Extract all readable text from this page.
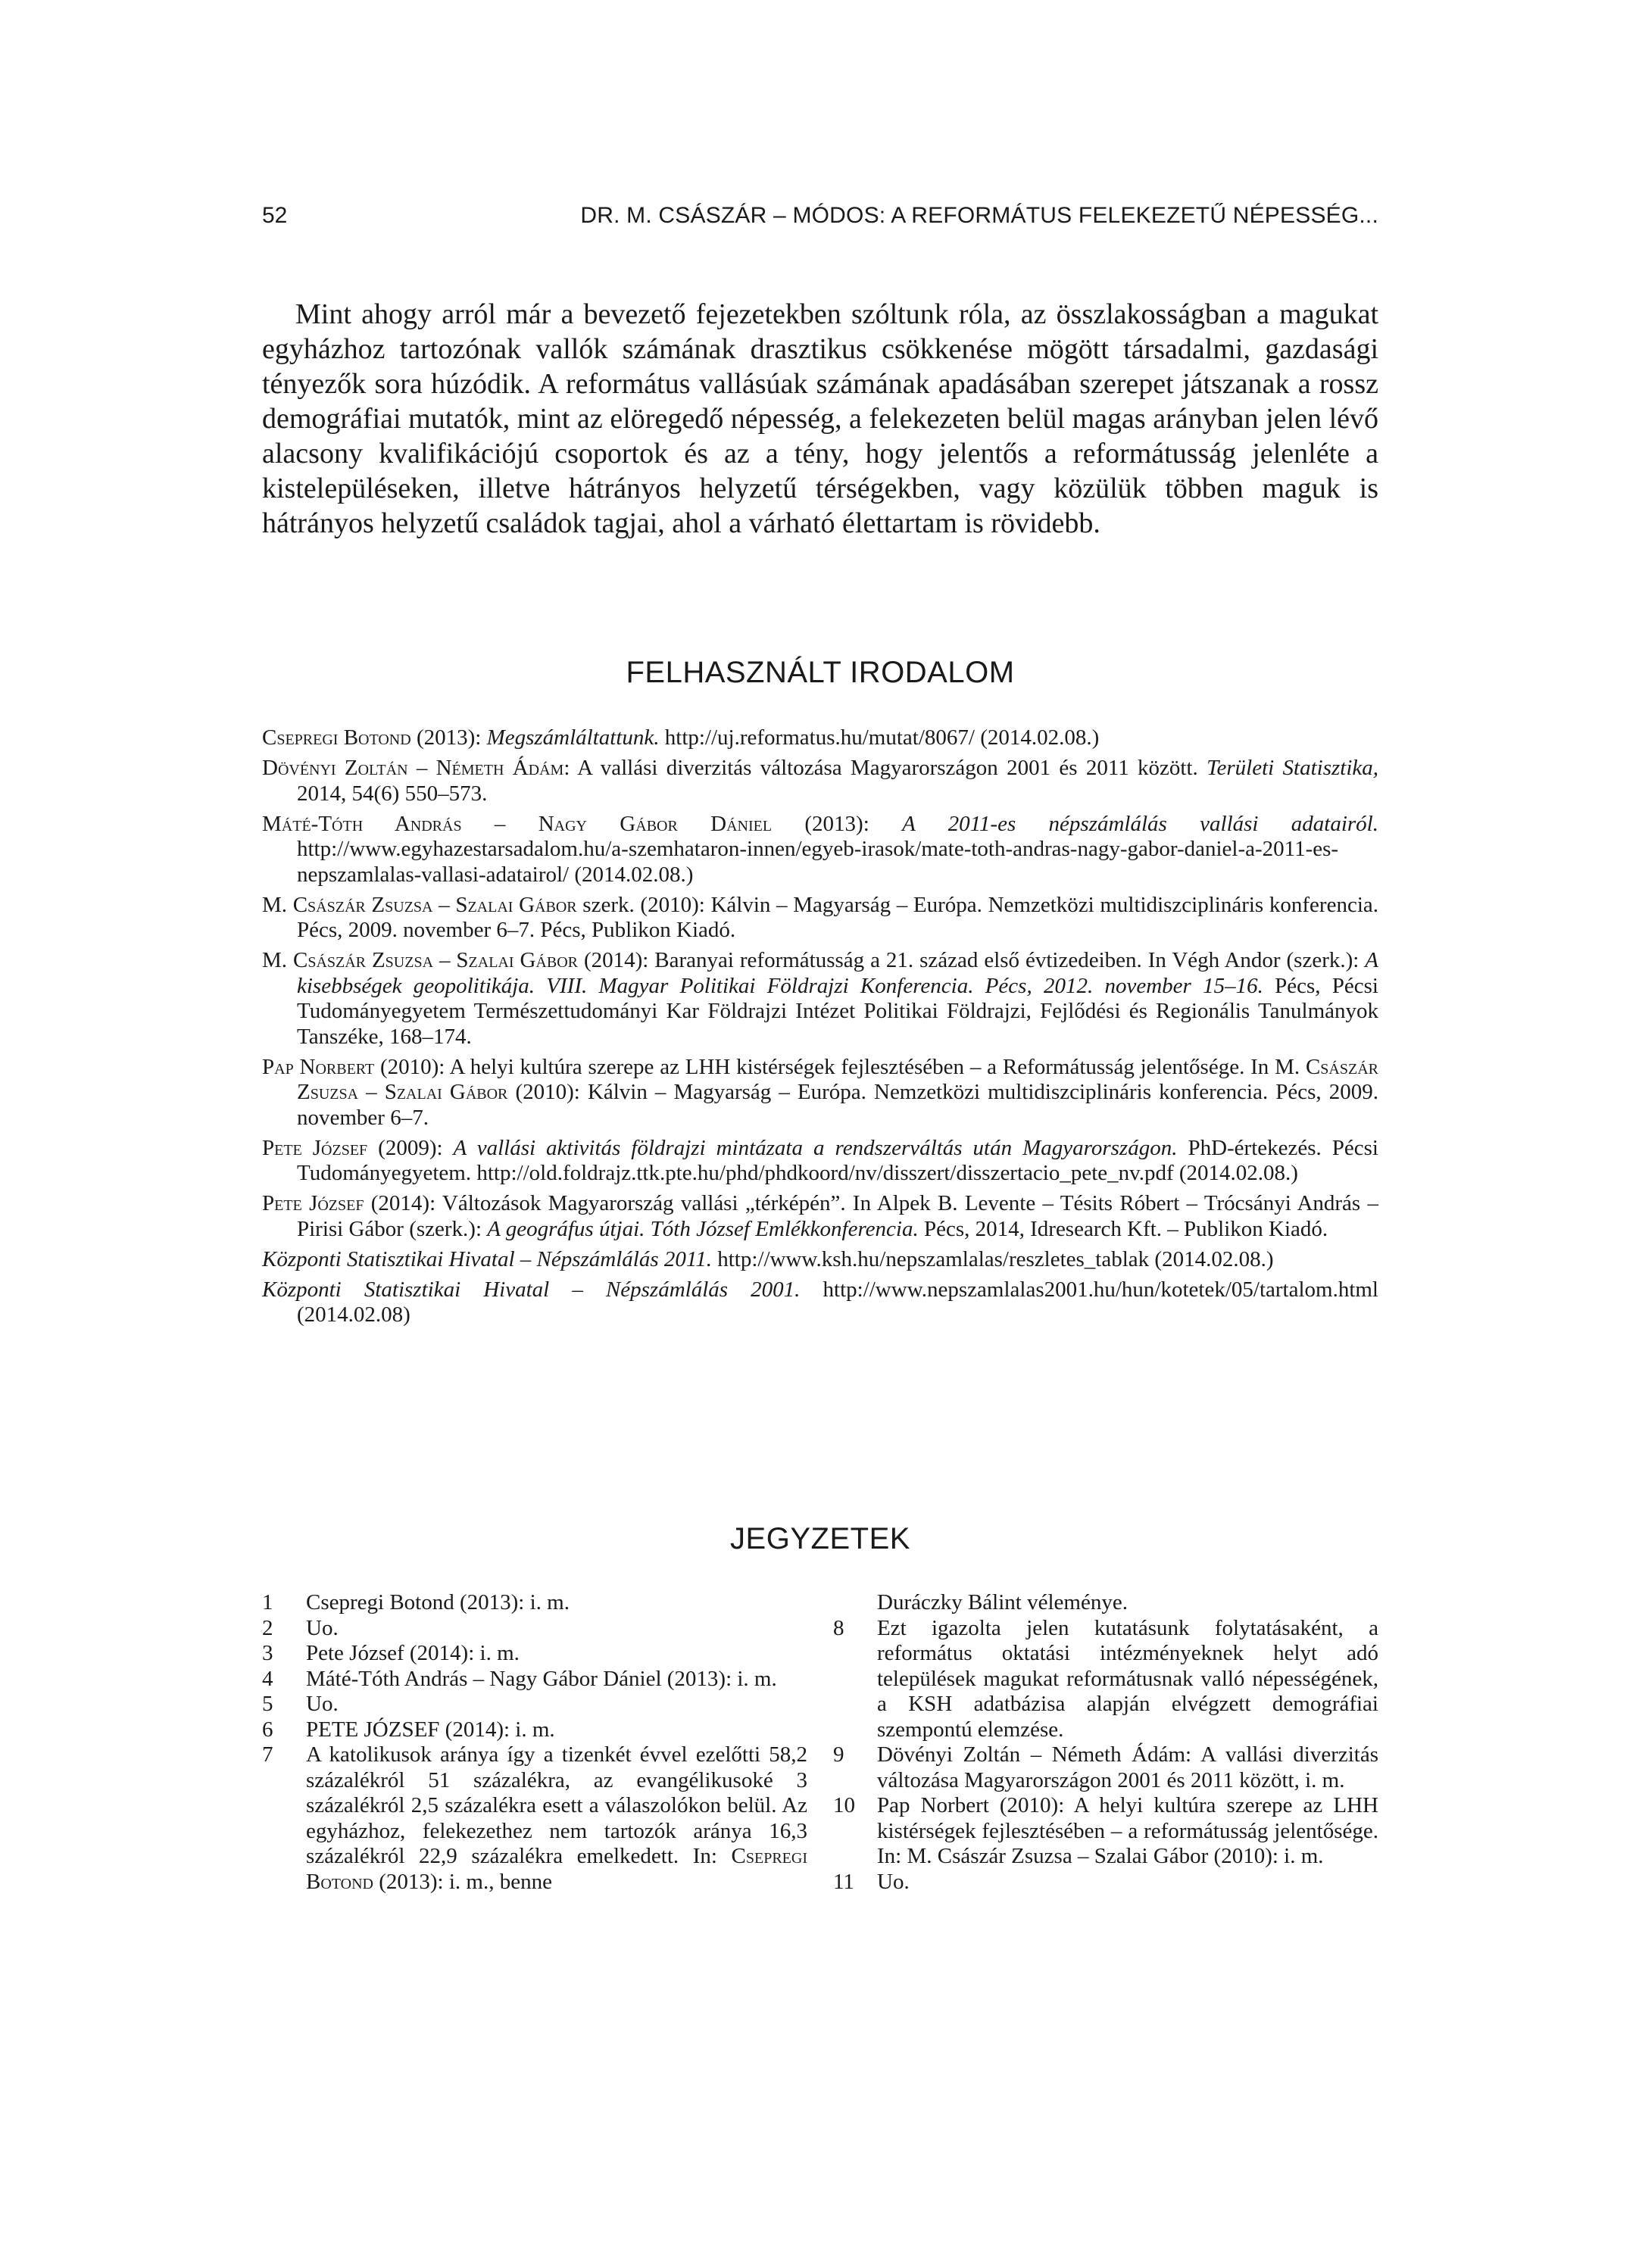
52	DR. M. CSÁSZÁR – MÓDOS: A REFORMÁTUS FELEKEZETŰ NÉPESSÉG...

Mint ahogy arról már a bevezető fejezetekben szóltunk róla, az összlakosságban a magukat egyházhoz tartozónak vallók számának drasztikus csökkenése mögött társadalmi, gazdasági tényezők sora húzódik. A református vallásúak számának apadásában szerepet játszanak a rossz demográfiai mutatók, mint az elöregedő népesség, a felekezeten belül magas arányban jelen lévő alacsony kvalifikációjú csoportok és az a tény, hogy jelentős a reformátusság jelenléte a kistelepüléseken, illetve hátrányos helyzetű térségekben, vagy közülük többen maguk is hátrányos helyzetű családok tagjai, ahol a várható élettartam is rövidebb.

FELHASZNÁLT IRODALOM
Csepregi Botond (2013): Megszámláltattunk. http://uj.reformatus.hu/mutat/8067/ (2014.02.08.)
Dövényi Zoltán – Németh Ádám: A vallási diverzitás változása Magyarországon 2001 és 2011 között. Területi Statisztika, 2014, 54(6) 550–573.
Máté-Tóth András – Nagy Gábor Dániel (2013): A 2011-es népszámlálás vallási adatairól. http://www.egyhazestarsadalom.hu/a-szemhataron-innen/egyeb-irasok/mate-toth-andras-nagy-gabor-daniel-a-2011-es-nepszamlalas-vallasi-adatairol/ (2014.02.08.)
M. Császár Zsuzsa – Szalai Gábor szerk. (2010): Kálvin – Magyarság – Európa. Nemzetközi multidiszciplináris konferencia. Pécs, 2009. november 6–7. Pécs, Publikon Kiadó.
M. Császár Zsuzsa – Szalai Gábor (2014): Baranyai reformátusság a 21. század első évtizedeiben. In Végh Andor (szerk.): A kisebbségek geopolitikája. VIII. Magyar Politikai Földrajzi Konferencia. Pécs, 2012. november 15–16. Pécs, Pécsi Tudományegyetem Természettudományi Kar Földrajzi Intézet Politikai Földrajzi, Fejlődési és Regionális Tanulmányok Tanszéke, 168–174.
Pap Norbert (2010): A helyi kultúra szerepe az LHH kistérségek fejlesztésében – a Reformátusság jelentősége. In M. Császár Zsuzsa – Szalai Gábor (2010): Kálvin – Magyarság – Európa. Nemzetközi multidiszciplináris konferencia. Pécs, 2009. november 6–7.
Pete József (2009): A vallási aktivitás földrajzi mintázata a rendszerváltás után Magyarországon. PhD-értekezés. Pécsi Tudományegyetem. http://old.foldrajz.ttk.pte.hu/phd/phdkoord/nv/disszert/disszertacio_pete_nv.pdf (2014.02.08.)
Pete József (2014): Változások Magyarország vallási „térképén”. In Alpek B. Levente – Tésits Róbert – Trócsányi András – Pirisi Gábor (szerk.): A geográfus útjai. Tóth József Emlékkonferencia. Pécs, 2014, Idresearch Kft. – Publikon Kiadó.
Központi Statisztikai Hivatal – Népszámlálás 2011. http://www.ksh.hu/nepszamlalas/reszletes_tablak (2014.02.08.)
Központi Statisztikai Hivatal – Népszámlálás 2001. http://www.nepszamlalas2001.hu/hun/kotetek/05/tartalom.html (2014.02.08)
JEGYZETEK
1 Csepregi Botond (2013): i. m.
2 Uo.
3 Pete József (2014): i. m.
4 Máté-Tóth András – Nagy Gábor Dániel (2013): i. m.
5 Uo.
6 PETE JÓZSEF (2014): i. m.
7 A katolikusok aránya így a tizenkét évvel ezelőtti 58,2 százalékról 51 százalékra, az evangélikusoké 3 százalékról 2,5 százalékra esett a válaszolókon belül. Az egyházhoz, felekezethez nem tartozók aránya 16,3 százalékról 22,9 százalékra emelkedett. In: Csepregi Botond (2013): i. m., benne
Duráczky Bálint véleménye.
8 Ezt igazolta jelen kutatásunk folytatásaként, a református oktatási intézményeknek helyt adó települések magukat reformátusnak valló népességének, a KSH adatbázisa alapján elvégzett demográfiai szempontú elemzése.
9 Dövényi Zoltán – Németh Ádám: A vallási diverzitás változása Magyarországon 2001 és 2011 között, i. m.
10 Pap Norbert (2010): A helyi kultúra szerepe az LHH kistérségek fejlesztésében – a reformátusság jelentősége. In: M. Császár Zsuzsa – Szalai Gábor (2010): i. m.
11 Uo.
